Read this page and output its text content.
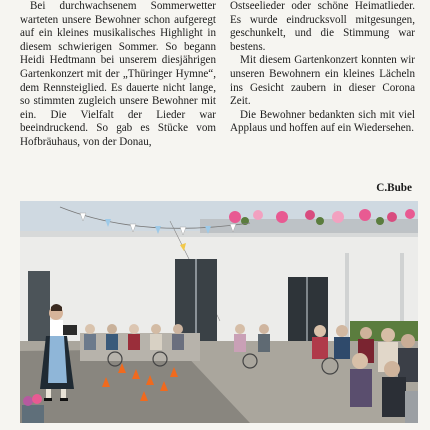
Bei durchwachsenem Sommerwetter warteten unsere Bewohner schon aufgeregt auf ein kleines musikalisches Highlight in diesem schwierigen Sommer. So begann Heidi Hedtmann bei unserem diesjährigen Gartenkonzert mit der „Thüringer Hymne“, dem Rennsteiglied. Es dauerte nicht lange, so stimmten zugleich unsere Bewohner mit ein. Die Vielfalt der Lieder war beeindruckend. So gab es Stücke vom Hofbräuhaus, von der Donau,

Ostseelieder oder schöne Heimatlieder. Es wurde eindrucksvoll mitgesungen, geschunkelt, und die Stimmung war bestens.

Mit diesem Gartenkonzert konnten wir unseren Bewohnern ein kleines Lächeln ins Gesicht zaubern in dieser Corona Zeit.

Die Bewohner bedankten sich mit viel Applaus und hoffen auf ein Wiedersehen.

C.Bube
